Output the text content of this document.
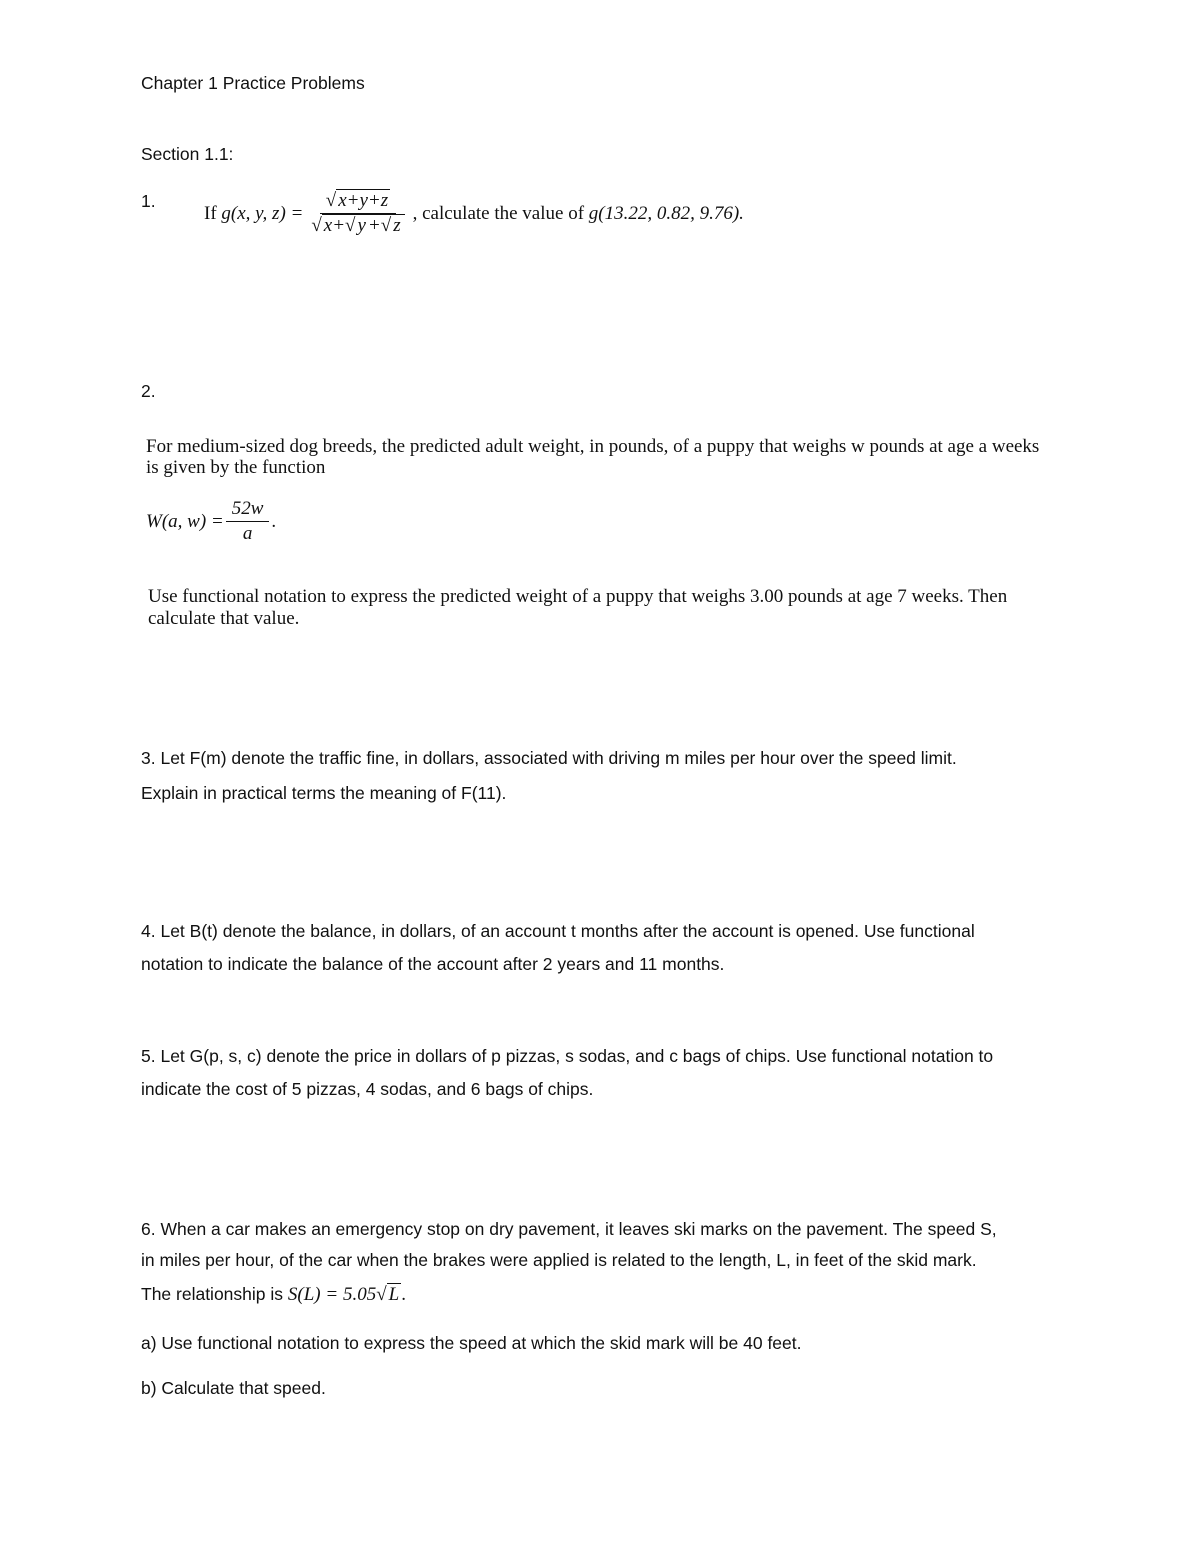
Chapter 1 Practice Problems
Section 1.1:
1.
If
g(x, y, $z) = \frac{√ x+y+z}{√ x+√ y +√ z}$ ,
calculate the value of
g(13.22, 0.82, 9.76).
2.
For medium-sized dog breeds, the predicted adult weight, in pounds, of a puppy that weighs w pounds at age a weeks
is given by the function
W(a, $w) = \frac{52w}{a}$ .
Use functional notation to express the predicted weight of a puppy that weighs 3.00 pounds at age 7 weeks. Then
calculate that value.
3. Let F(m) denote the traffic fine, in dollars, associated with driving m miles per hour over the speed limit.
Explain in practical terms the meaning of F(11).
4. Let B(t) denote the balance, in dollars, of an account t months after the account is opened. Use functional
notation to indicate the balance of the account after 2 years and 11 months.
5. Let G(p, s, c) denote the price in dollars of p pizzas, s sodas, and c bags of chips. Use functional notation to
indicate the cost of 5 pizzas, 4 sodas, and 6 bags of chips.
6. When a car makes an emergency stop on dry pavement, it leaves ski marks on the pavement. The speed S,
in miles per hour, of the car when the brakes were applied is related to the length, L, in feet of the skid mark.
The relationship is
S(L) = 5.05 √ L .
a) Use functional notation to express the speed at which the skid mark will be 40 feet.
b) Calculate that speed.
